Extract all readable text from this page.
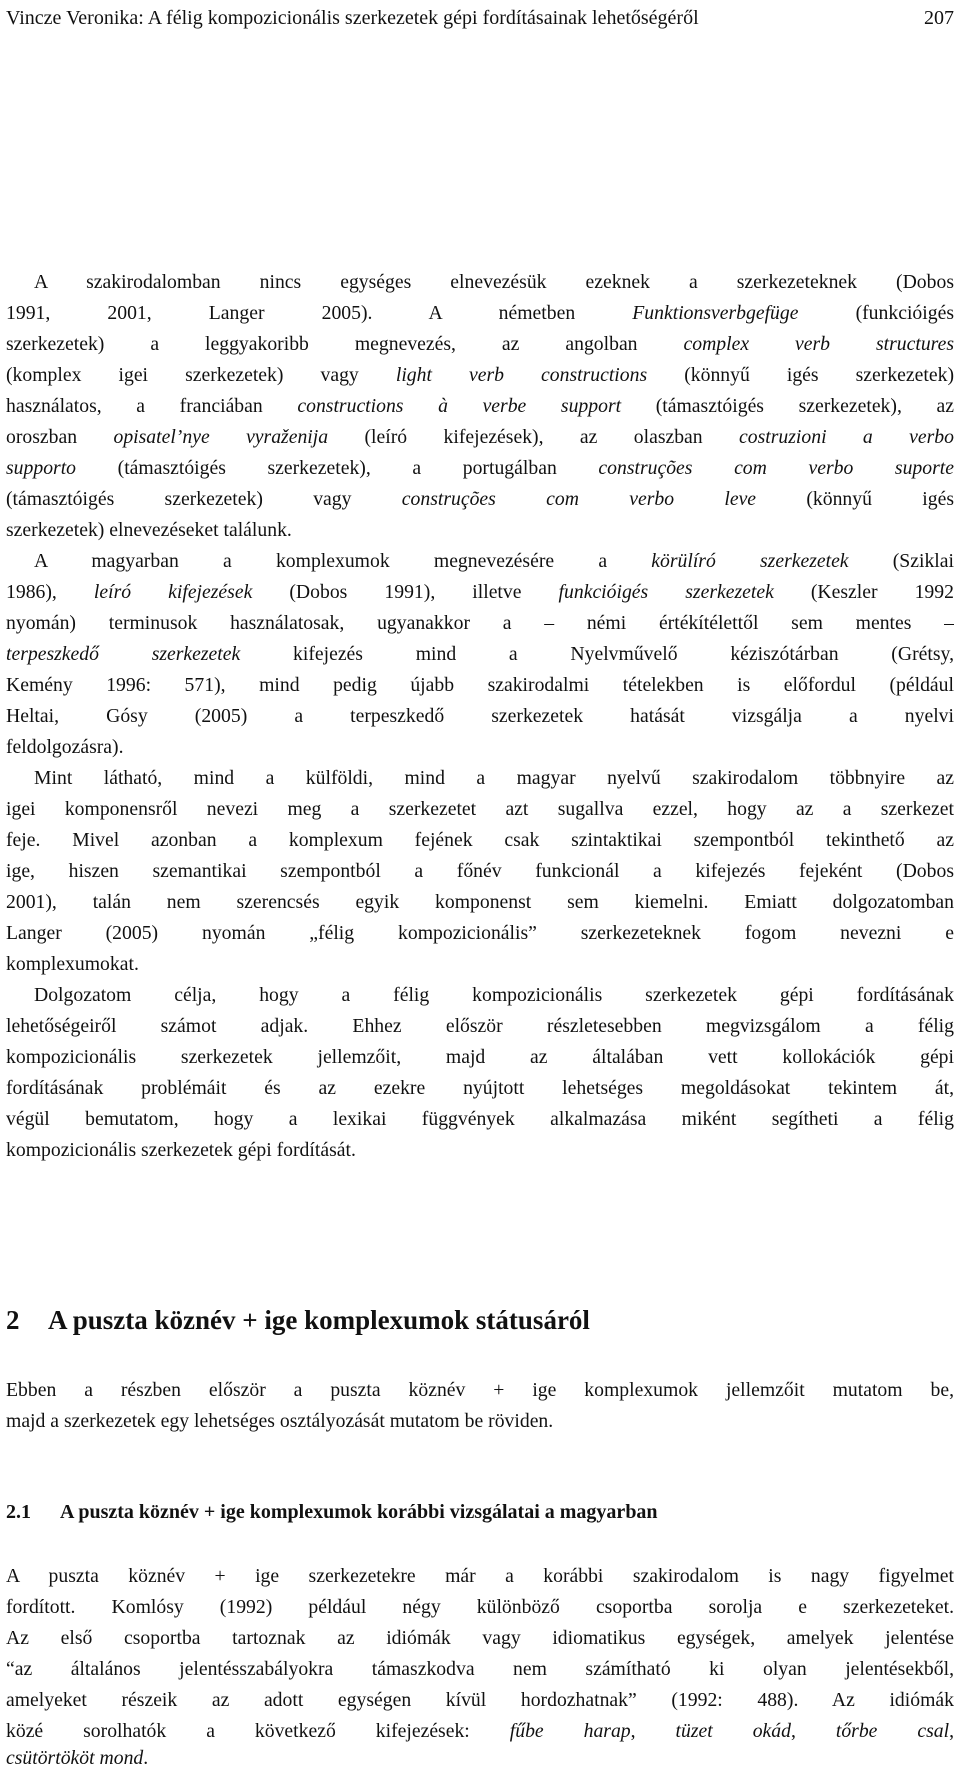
Vincze Veronika: A félig kompozicionális szerkezetek gépi fordításainak lehetőségéről	207
A szakirodalomban nincs egységes elnevezésük ezeknek a szerkezeteknek (Dobos
1991, 2001, Langer 2005). A németben Funktionsverbgefüge (funkcióigés
szerkezetek) a leggyakoribb megnevezés, az angolban complex verb structures
(komplex igei szerkezetek) vagy light verb constructions (könnyű igés szerkezetek)
használatos, a franciában constructions à verbe support (támasztóigés szerkezetek), az
oroszban opisatel’nye vyraženija (leíró kifejezések), az olaszban costruzioni a verbo
supporto (támasztóigés szerkezetek), a portugálban construções com verbo suporte
(támasztóigés szerkezetek) vagy construções com verbo leve (könnyű igés
szerkezetek) elnevezéseket találunk.
A magyarban a komplexumok megnevezésére a körülíró szerkezetek (Sziklai
1986), leíró kifejezések (Dobos 1991), illetve funkcióigés szerkezetek (Keszler 1992
nyomán) terminusok használatosak, ugyanakkor a – némi értékítélettől sem mentes –
terpeszkedő szerkezetek kifejezés mind a Nyelvművelő kéziszótárban (Grétsy,
Kemény 1996: 571), mind pedig újabb szakirodalmi tételekben is előfordul (például
Heltai, Gósy (2005) a terpeszkedő szerkezetek hatását vizsgálja a nyelvi
feldolgozásra).
Mint látható, mind a külföldi, mind a magyar nyelvű szakirodalom többnyire az
igei komponensről nevezi meg a szerkezetet azt sugallva ezzel, hogy az a szerkezet
feje. Mivel azonban a komplexum fejének csak szintaktikai szempontból tekinthető az
ige, hiszen szemantikai szempontból a főnév funkcionál a kifejezés fejeként (Dobos
2001), talán nem szerencsés egyik komponenst sem kiemelni. Emiatt dolgozatomban
Langer (2005) nyomán „félig kompozicionális” szerkezeteknek fogom nevezni e
komplexumokat.
Dolgozatom célja, hogy a félig kompozicionális szerkezetek gépi fordításának
lehetőségeiről számot adjak. Ehhez először részletesebben megvizsgálom a félig
kompozicionális szerkezetek jellemzőit, majd az általában vett kollokációk gépi
fordításának problémáit és az ezekre nyújtott lehetséges megoldásokat tekintem át,
végül bemutatom, hogy a lexikai függvények alkalmazása miként segítheti a félig
kompozicionális szerkezetek gépi fordítását.
2 A puszta köznév + ige komplexumok státusáról
Ebben a részben először a puszta köznév + ige komplexumok jellemzőit mutatom be,
majd a szerkezetek egy lehetséges osztályozását mutatom be röviden.
2.1 A puszta köznév + ige komplexumok korábbi vizsgálatai a magyarban
A puszta köznév + ige szerkezetekre már a korábbi szakirodalom is nagy figyelmet
fordított. Komlósy (1992) például négy különböző csoportba sorolja e szerkezeteket.
Az első csoportba tartoznak az idiómák vagy idiomatikus egységek, amelyek jelentése
“az általános jelentésszabályokra támaszkodva nem számítható ki olyan jelentésekből,
amelyeket részeik az adott egységen kívül hordozhatnak” (1992: 488). Az idiómák
közé sorolhatók a következő kifejezések: fűbe harap, tüzet okád, tőrbe csal,
csütörtököt mond.
